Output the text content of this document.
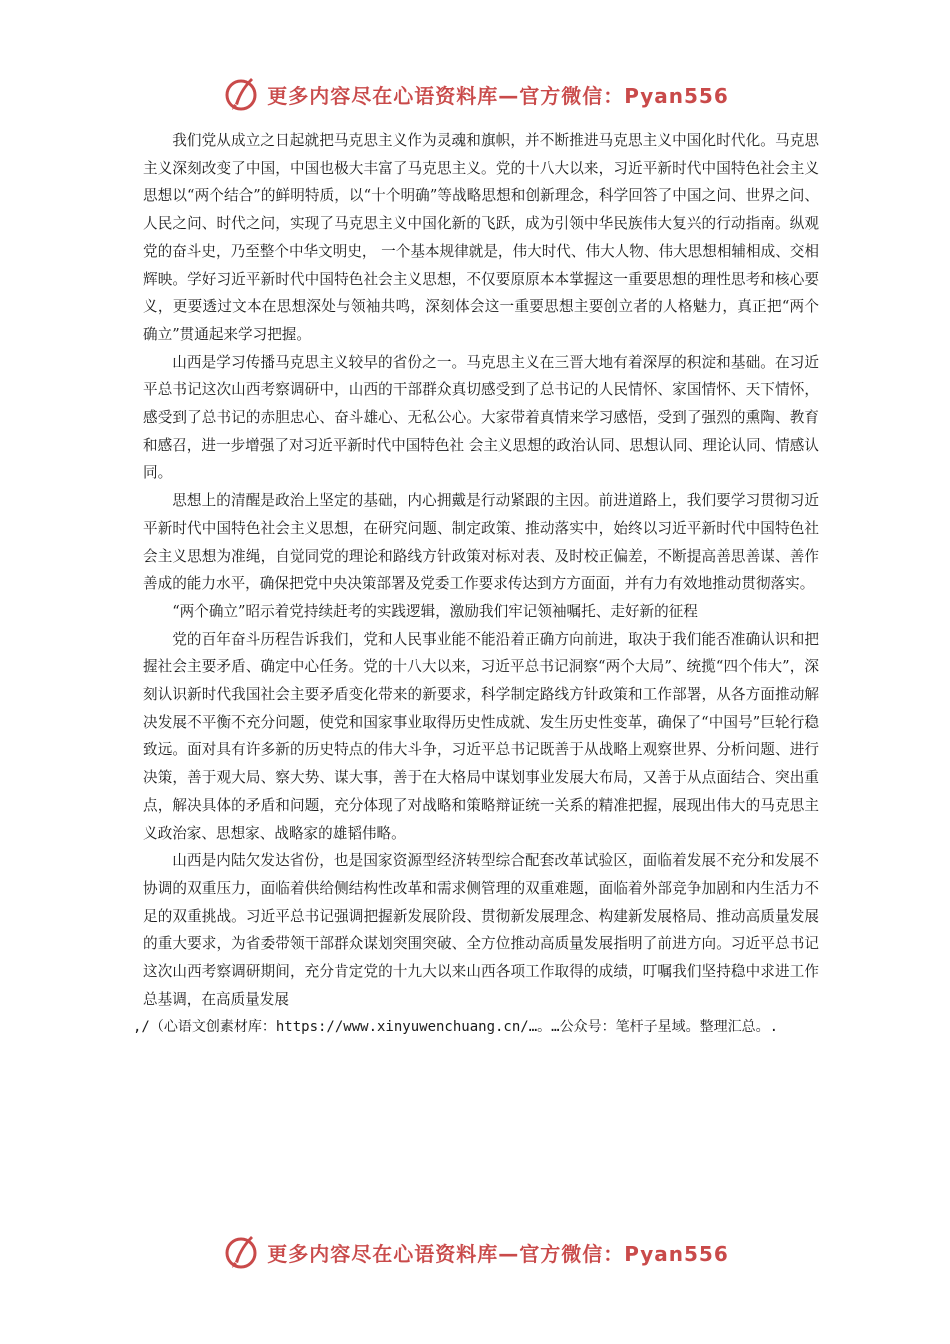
更多内容尽在心语资料库—官方微信：Pyan556

我们党从成立之日起就把马克思主义作为灵魂和旗帜，并不断推进马克思主义中国化时代化。马克思主义深刻改变了中国，中国也极大丰富了马克思主义。党的十八大以来，习近平新时代中国特色社会主义思想以“两个结合”的鲜明特质，以“十个明确”等战略思想和创新理念，科学回答了中国之问、世界之问、人民之问、时代之问，实现了马克思主义中国化新的飞跃，成为引领中华民族伟大复兴的行动指南。纵观党的奋斗史，乃至整个中华文明史， 一个基本规律就是，伟大时代、伟大人物、伟大思想相辅相成、交相辉映。学好习近平新时代中国特色社会主义思想，不仅要原原本本掌握这一重要思想的理性思考和核心要义，更要透过文本在思想深处与领袖共鸣，深刻体会这一重要思想主要创立者的人格魅力，真正把“两个确立”贯通起来学习把握。

山西是学习传播马克思主义较早的省份之一。马克思主义在三晋大地有着深厚的积淀和基础。在习近平总书记这次山西考察调研中，山西的干部群众真切感受到了总书记的人民情怀、家国情怀、天下情怀，感受到了总书记的赤胆忠心、奋斗雄心、无私公心。大家带着真情来学习感悟，受到了强烈的熏陶、教育和感召，进一步增强了对习近平新时代中国特色社 会主义思想的政治认同、思想认同、理论认同、情感认同。

思想上的清醒是政治上坚定的基础，内心拥戴是行动紧跟的主因。前进道路上，我们要学习贯彻习近平新时代中国特色社会主义思想，在研究问题、制定政策、推动落实中，始终以习近平新时代中国特色社会主义思想为准绳，自觉同党的理论和路线方针政策对标对表、及时校正偏差，不断提高善思善谋、善作善成的能力水平，确保把党中央决策部署及党委工作要求传达到方方面面，并有力有效地推动贯彻落实。

“两个确立”昭示着党持续赶考的实践逻辑，激励我们牢记领袖嘱托、走好新的征程

党的百年奋斗历程告诉我们，党和人民事业能不能沿着正确方向前进，取决于我们能否准确认识和把握社会主要矛盾、确定中心任务。党的十八大以来，习近平总书记洞察“两个大局”、统揽“四个伟大”，深刻认识新时代我国社会主要矛盾变化带来的新要求，科学制定路线方针政策和工作部署，从各方面推动解决发展不平衡不充分问题，使党和国家事业取得历史性成就、发生历史性变革，确保了“中国号”巨轮行稳致远。面对具有许多新的历史特点的伟大斗争，习近平总书记既善于从战略上观察世界、分析问题、进行决策，善于观大局、察大势、谋大事，善于在大格局中谋划事业发展大布局，又善于从点面结合、突出重点，解决具体的矛盾和问题，充分体现了对战略和策略辩证统一关系的精准把握，展现出伟大的马克思主义政治家、思想家、战略家的雄韬伟略。

山西是内陆欠发达省份，也是国家资源型经济转型综合配套改革试验区，面临着发展不充分和发展不协调的双重压力，面临着供给侧结构性改革和需求侧管理的双重难题，面临着外部竞争加剧和内生活力不足的双重挑战。习近平总书记强调把握新发展阶段、贯彻新发展理念、构建新发展格局、推动高质量发展的重大要求，为省委带领干部群众谋划突围突破、全方位推动高质量发展指明了前进方向。习近平总书记这次山西考察调研期间，充分肯定党的十九大以来山西各项工作取得的成绩，叮嘱我们坚持稳中求进工作总基调，在高质量发展

,/（心语文创素材库：https://www.xinyuwenchuang.cn/…。…公众号：笔杆子星域。整理汇总。.

更多内容尽在心语资料库—官方微信：Pyan556
